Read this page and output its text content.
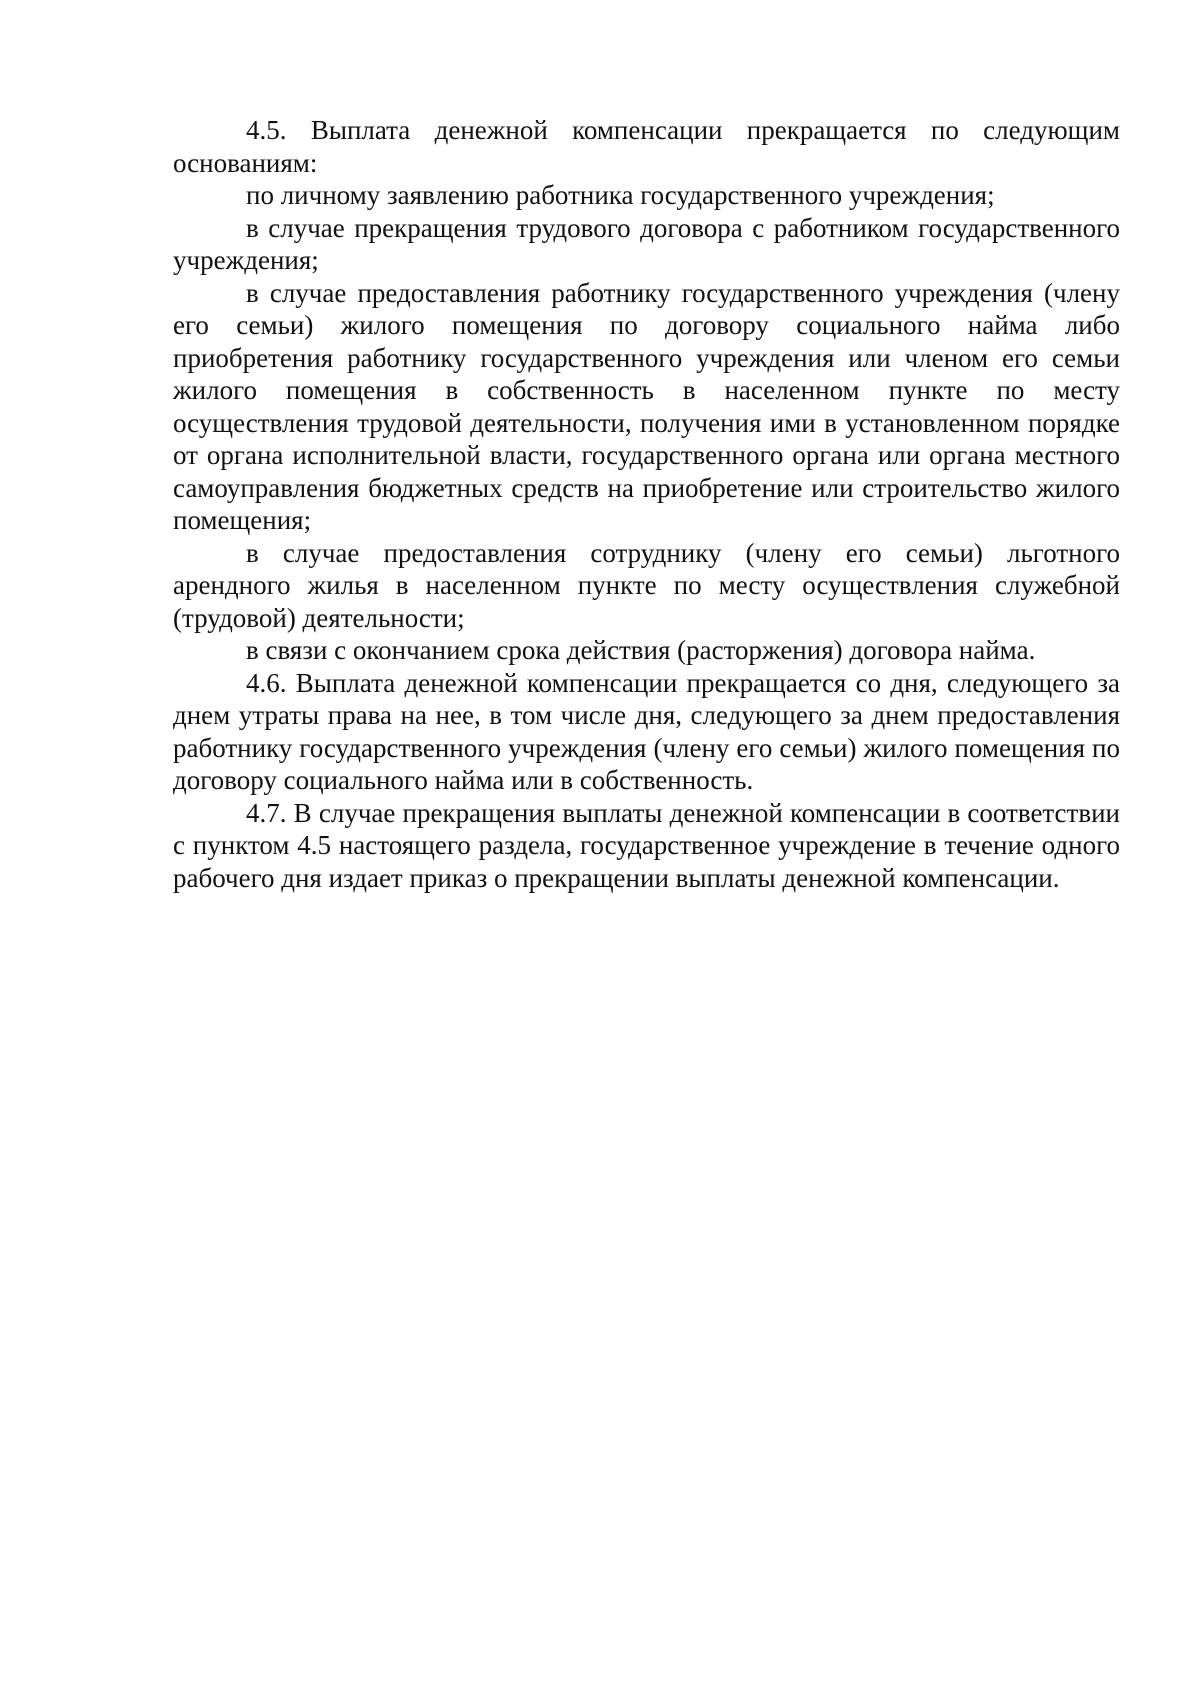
4.5. Выплата денежной компенсации прекращается по следующим основаниям:

по личному заявлению работника государственного учреждения;

в случае прекращения трудового договора с работником государственного учреждения;

в случае предоставления работнику государственного учреждения (члену его семьи) жилого помещения по договору социального найма либо приобретения работнику государственного учреждения или членом его семьи жилого помещения в собственность в населенном пункте по месту осуществления трудовой деятельности, получения ими в установленном порядке от органа исполнительной власти, государственного органа или органа местного самоуправления бюджетных средств на приобретение или строительство жилого помещения;

в случае предоставления сотруднику (члену его семьи) льготного арендного жилья в населенном пункте по месту осуществления служебной (трудовой) деятельности;

в связи с окончанием срока действия (расторжения) договора найма.

4.6. Выплата денежной компенсации прекращается со дня, следующего за днем утраты права на нее, в том числе дня, следующего за днем предоставления работнику государственного учреждения (члену его семьи) жилого помещения по договору социального найма или в собственность.

4.7. В случае прекращения выплаты денежной компенсации в соответствии с пунктом 4.5 настоящего раздела, государственное учреждение в течение одного рабочего дня издает приказ о прекращении выплаты денежной компенсации.
